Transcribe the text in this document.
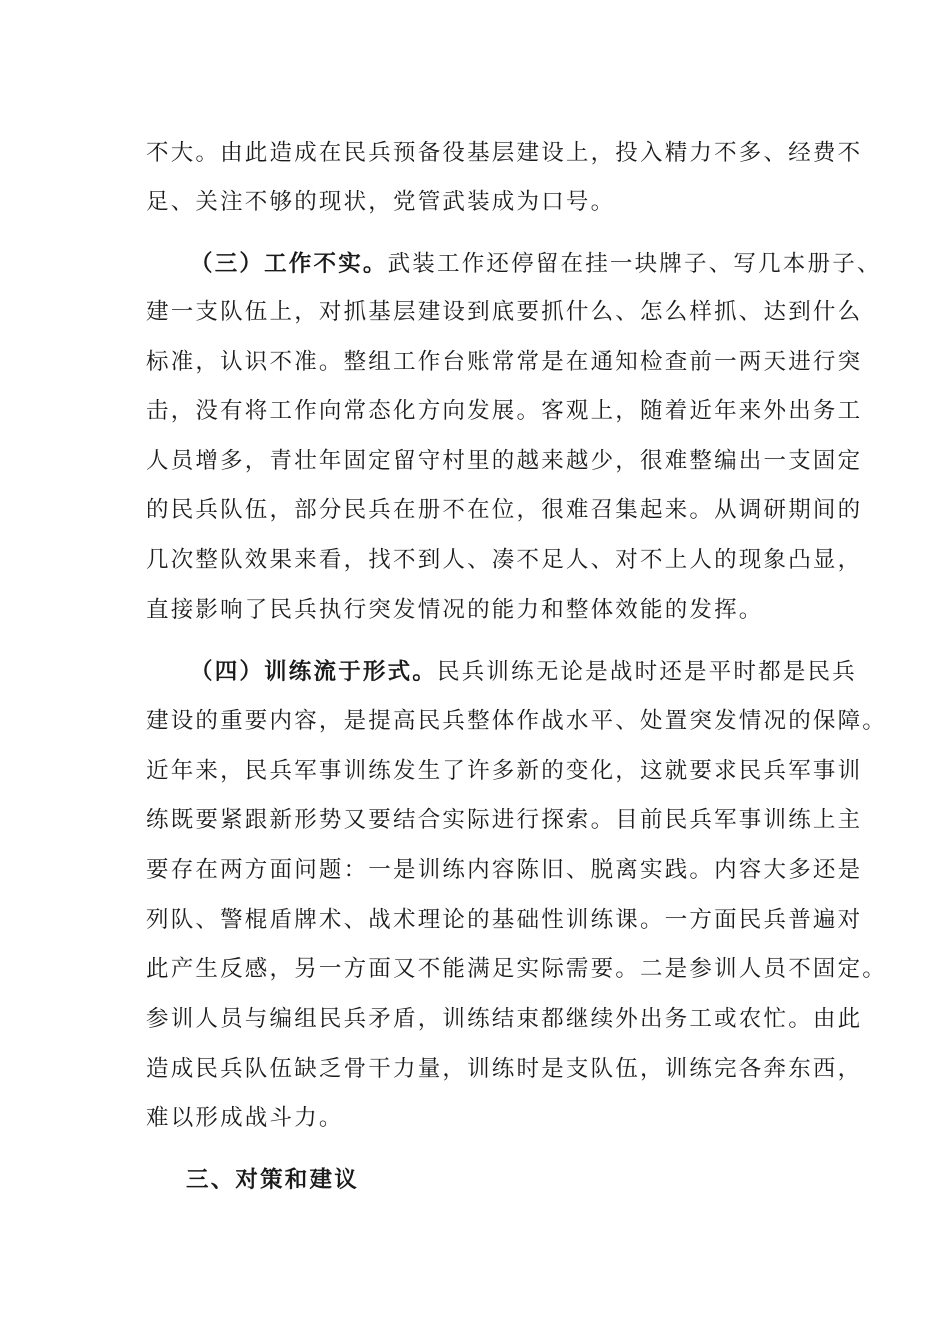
不大。由此造成在民兵预备役基层建设上，投入精力不多、经费不
足、关注不够的现状，党管武装成为口号。
（三）工作不实。武装工作还停留在挂一块牌子、写几本册子、
建一支队伍上，对抓基层建设到底要抓什么、怎么样抓、达到什么
标准，认识不准。整组工作台账常常是在通知检查前一两天进行突
击，没有将工作向常态化方向发展。客观上，随着近年来外出务工
人员增多，青壮年固定留守村里的越来越少，很难整编出一支固定
的民兵队伍，部分民兵在册不在位，很难召集起来。从调研期间的
几次整队效果来看，找不到人、凑不足人、对不上人的现象凸显，
直接影响了民兵执行突发情况的能力和整体效能的发挥。
（四）训练流于形式。民兵训练无论是战时还是平时都是民兵
建设的重要内容，是提高民兵整体作战水平、处置突发情况的保障。
近年来，民兵军事训练发生了许多新的变化，这就要求民兵军事训
练既要紧跟新形势又要结合实际进行探索。目前民兵军事训练上主
要存在两方面问题：一是训练内容陈旧、脱离实践。内容大多还是
列队、警棍盾牌术、战术理论的基础性训练课。一方面民兵普遍对
此产生反感，另一方面又不能满足实际需要。二是参训人员不固定。
参训人员与编组民兵矛盾，训练结束都继续外出务工或农忙。由此
造成民兵队伍缺乏骨干力量，训练时是支队伍，训练完各奔东西，
难以形成战斗力。
三、对策和建议
